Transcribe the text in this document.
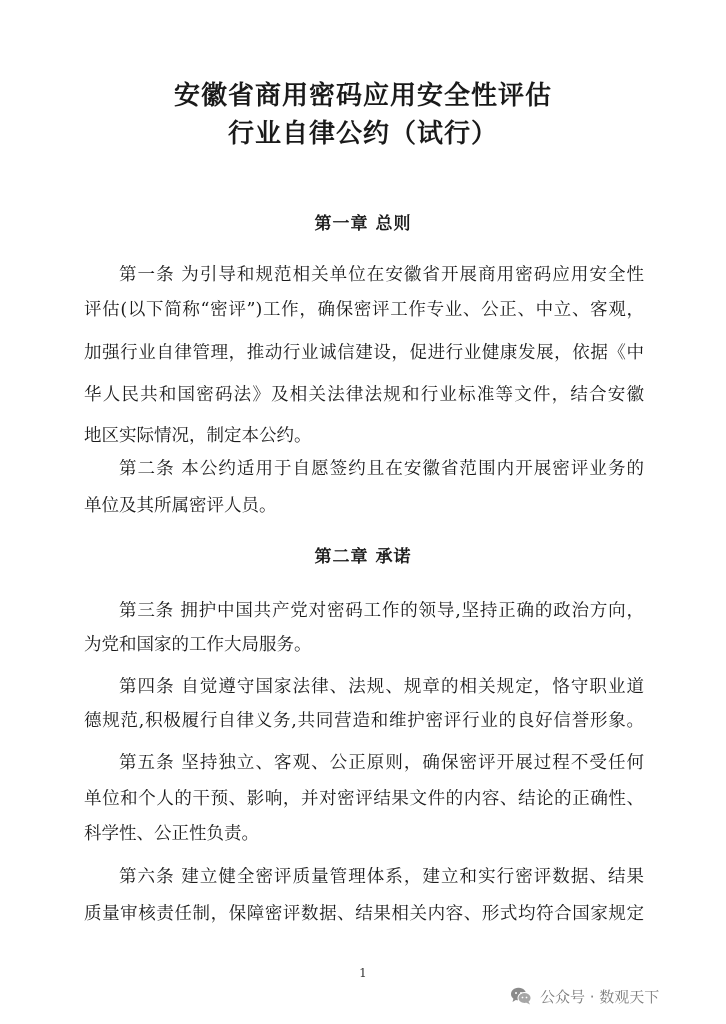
安徽省商用密码应用安全性评估
行业自律公约（试行）
第一章 总则
第一条 为引导和规范相关单位在安徽省开展商用密码应用安全性
评估(以下简称“密评”)工作，确保密评工作专业、公正、中立、客观，
加强行业自律管理，推动行业诚信建设，促进行业健康发展，依据《中
华人民共和国密码法》及相关法律法规和行业标准等文件，结合安徽
地区实际情况，制定本公约。
第二条 本公约适用于自愿签约且在安徽省范围内开展密评业务的
单位及其所属密评人员。
第二章 承诺
第三条 拥护中国共产党对密码工作的领导,坚持正确的政治方向，
为党和国家的工作大局服务。
第四条 自觉遵守国家法律、法规、规章的相关规定，恪守职业道
德规范,积极履行自律义务,共同营造和维护密评行业的良好信誉形象。
第五条 坚持独立、客观、公正原则，确保密评开展过程不受任何
单位和个人的干预、影响，并对密评结果文件的内容、结论的正确性、
科学性、公正性负责。
第六条 建立健全密评质量管理体系，建立和实行密评数据、结果
质量审核责任制，保障密评数据、结果相关内容、形式均符合国家规定
1
公众号 · 数观天下
